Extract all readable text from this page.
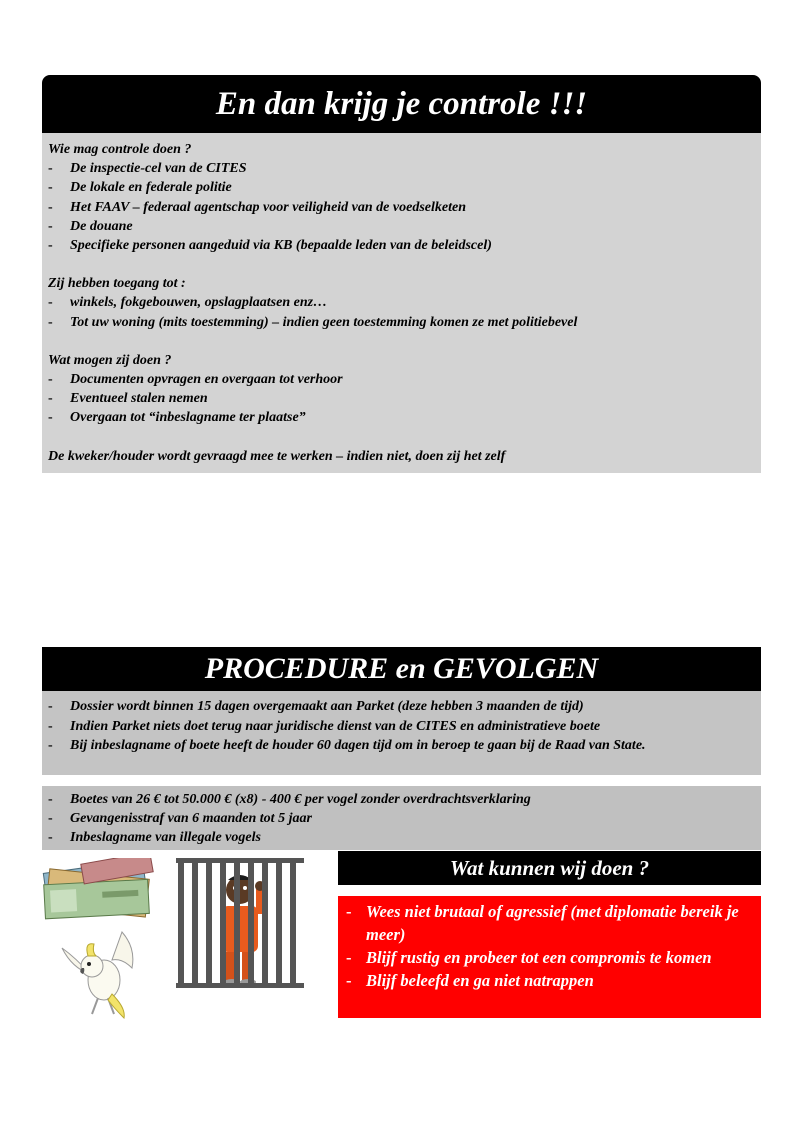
En dan krijg je controle !!!
Wie mag controle doen ?
- De inspectie-cel van de CITES
- De lokale en federale politie
- Het FAAV – federaal agentschap voor veiligheid van de voedselketen
- De douane
- Specifieke personen aangeduid via KB (bepaalde leden van de beleidscel)
Zij hebben toegang tot :
- winkels, fokgebouwen, opslagplaatsen enz…
- Tot uw woning (mits toestemming) – indien geen toestemming komen ze met politiebevel
Wat mogen zij doen ?
- Documenten opvragen en overgaan tot verhoor
- Eventueel stalen nemen
- Overgaan tot “inbeslagname ter plaatse”
De kweker/houder wordt gevraagd mee te werken – indien niet, doen zij het zelf
PROCEDURE en GEVOLGEN
- Dossier wordt binnen 15 dagen overgemaakt aan Parket (deze hebben 3 maanden de tijd)
- Indien Parket niets doet terug naar juridische dienst van de CITES en administratieve boete
- Bij inbeslagname of boete heeft de houder 60 dagen tijd om in beroep te gaan bij de Raad van State.
- Boetes van 26 € tot 50.000 € (x8) - 400 € per vogel zonder overdrachtsverklaring
- Gevangenisstraf van 6 maanden tot 5 jaar
- Inbeslagname van illegale vogels
Wat kunnen wij doen ?
- Wees niet brutaal of agressief (met diplomatie bereik je meer)
- Blijf rustig en probeer tot een compromis te komen
- Blijf beleefd en ga niet natrappen
